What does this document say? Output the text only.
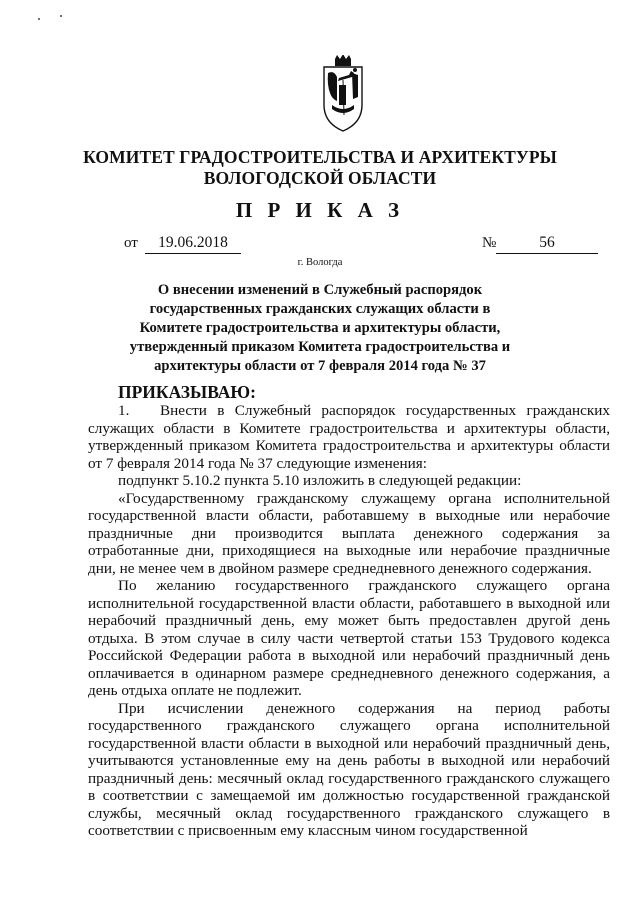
КОМИТЕТ ГРАДОСТРОИТЕЛЬСТВА И АРХИТЕКТУРЫ
ВОЛОГОДСКОЙ ОБЛАСТИ
П Р И К А З
от	19.06.2018	№	56
г. Вологда
О внесении изменений в Служебный распорядок государственных гражданских служащих области в Комитете градостроительства и архитектуры области, утвержденный приказом Комитета градостроительства и архитектуры области от 7 февраля 2014 года № 37
ПРИКАЗЫВАЮ:

1. Внести в Служебный распорядок государственных гражданских служащих области в Комитете градостроительства и архитектуры области, утвержденный приказом Комитета градостроительства и архитектуры области от 7 февраля 2014 года № 37 следующие изменения:

подпункт 5.10.2 пункта 5.10 изложить в следующей редакции:

«Государственному гражданскому служащему органа исполнительной государственной власти области, работавшему в выходные или нерабочие праздничные дни производится выплата денежного содержания за отработанные дни, приходящиеся на выходные или нерабочие праздничные дни, не менее чем в двойном размере среднедневного денежного содержания.

По желанию государственного гражданского служащего органа исполнительной государственной власти области, работавшего в выходной или нерабочий праздничный день, ему может быть предоставлен другой день отдыха. В этом случае в силу части четвертой статьи 153 Трудового кодекса Российской Федерации работа в выходной или нерабочий праздничный день оплачивается в одинарном размере среднедневного денежного содержания, а день отдыха оплате не подлежит.

При исчислении денежного содержания на период работы государственного гражданского служащего органа исполнительной государственной власти области в выходной или нерабочий праздничный день, учитываются установленные ему на день работы в выходной или нерабочий праздничный день: месячный оклад государственного гражданского служащего в соответствии с замещаемой им должностью государственной гражданской службы, месячный оклад государственного гражданского служащего в соответствии с присвоенным ему классным чином государственной
